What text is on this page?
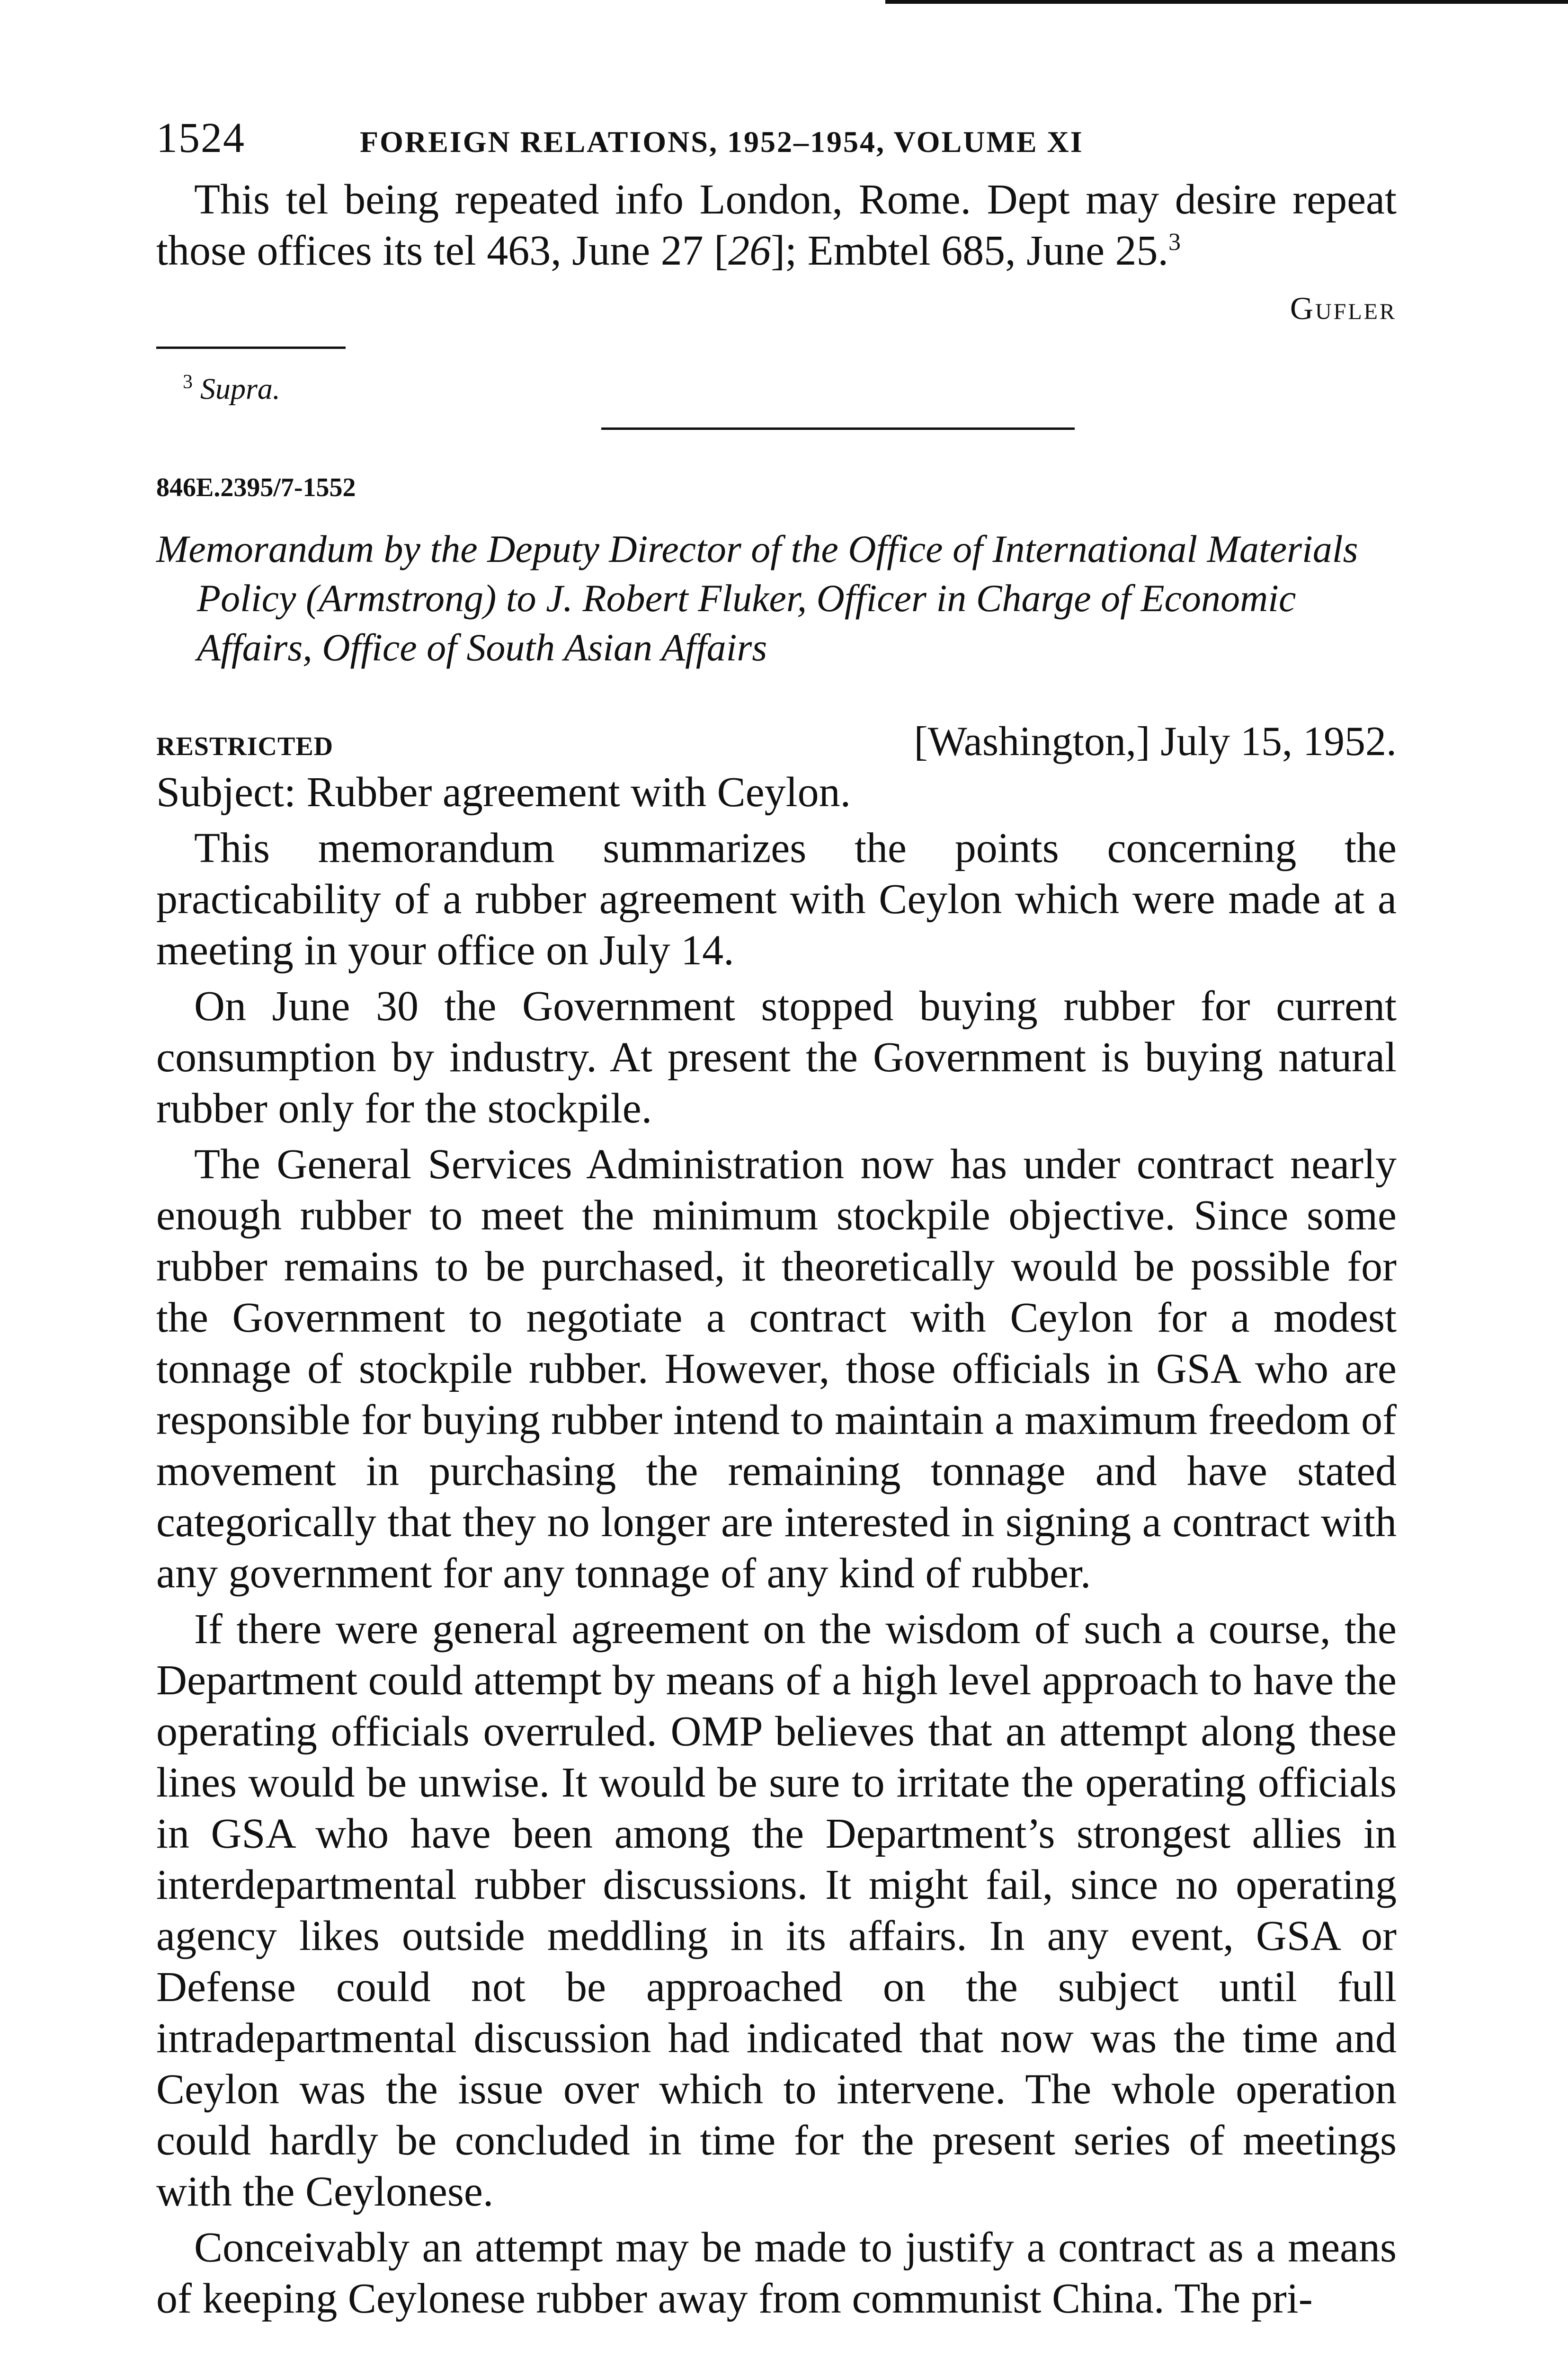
1524	FOREIGN RELATIONS, 1952–1954, VOLUME XI

This tel being repeated info London, Rome. Dept may desire repeat those offices its tel 463, June 27 [26]; Embtel 685, June 25.$^3$

Gufler
$^3$ Supra.
846E.2395/7-1552
Memorandum by the Deputy Director of the Office of International Materials Policy (Armstrong) to J. Robert Fluker, Officer in Charge of Economic Affairs, Office of South Asian Affairs
RESTRICTED	[Washington,] July 15, 1952.

Subject: Rubber agreement with Ceylon.

This memorandum summarizes the points concerning the practicability of a rubber agreement with Ceylon which were made at a meeting in your office on July 14.

On June 30 the Government stopped buying rubber for current consumption by industry. At present the Government is buying natural rubber only for the stockpile.

The General Services Administration now has under contract nearly enough rubber to meet the minimum stockpile objective. Since some rubber remains to be purchased, it theoretically would be possible for the Government to negotiate a contract with Ceylon for a modest tonnage of stockpile rubber. However, those officials in GSA who are responsible for buying rubber intend to maintain a maximum freedom of movement in purchasing the remaining tonnage and have stated categorically that they no longer are interested in signing a contract with any government for any tonnage of any kind of rubber.

If there were general agreement on the wisdom of such a course, the Department could attempt by means of a high level approach to have the operating officials overruled. OMP believes that an attempt along these lines would be unwise. It would be sure to irritate the operating officials in GSA who have been among the Department’s strongest allies in interdepartmental rubber discussions. It might fail, since no operating agency likes outside meddling in its affairs. In any event, GSA or Defense could not be approached on the subject until full intradepartmental discussion had indicated that now was the time and Ceylon was the issue over which to intervene. The whole operation could hardly be concluded in time for the present series of meetings with the Ceylonese.

Conceivably an attempt may be made to justify a contract as a means of keeping Ceylonese rubber away from communist China. The pri-
